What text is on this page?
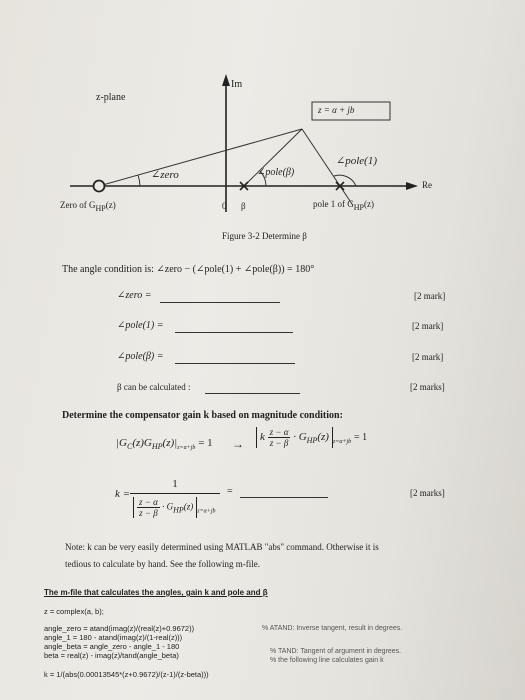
Im
z-plane
z = α + jb
∠zero	∠pole(β)
∠pole(1)
Re
Zero of $G_{HP}(z)$	0 β	pole 1 of $G_{HP}(z)$
Figure 3-2 Determine β
The angle condition is: ∠zero − (∠pole(1) + ∠pole(β)) = 180°
∠zero =	[2 mark]
∠pole(1) =	[2 mark]
∠pole(β) =	[2 mark]
β can be calculated :	[2 marks]
Determine the compensator gain k based on magnitude condition:
$|G_C(z)G_{HP}(z)|_{z=\alpha+jb} = 1$ →	k $\frac{z - \alpha}{z - \beta} \cdot G_{HP}(z) _{z=\alpha+jb} = 1$
k =
1
$\frac{z - \alpha}{z - \beta} \cdot G_{HP}(z)$ $_{z=\alpha+jb}$
=	[2 marks]
Note: k can be very easily determined using MATLAB "abs" command. Otherwise it is
tedious to calculate by hand. See the following m-file.
The m-file that calculates the angles, gain k and pole and β
z = complex(a, b);
angle_zero = atand(imag(z)/(real(z)+0.9672))
angle_1 = 180 - atand(imag(z)/(1-real(z)))
angle_beta = angle_zero - angle_1 - 180
beta = real(z) - imag(z)/tand(angle_beta)
k = 1/(abs(0.00013545*(z+0.9672)/(z-1)/(z-beta)))
% ATAND: Inverse tangent, result in degrees.
% TAND: Tangent of argument in degrees.
% the following line calculates gain k
